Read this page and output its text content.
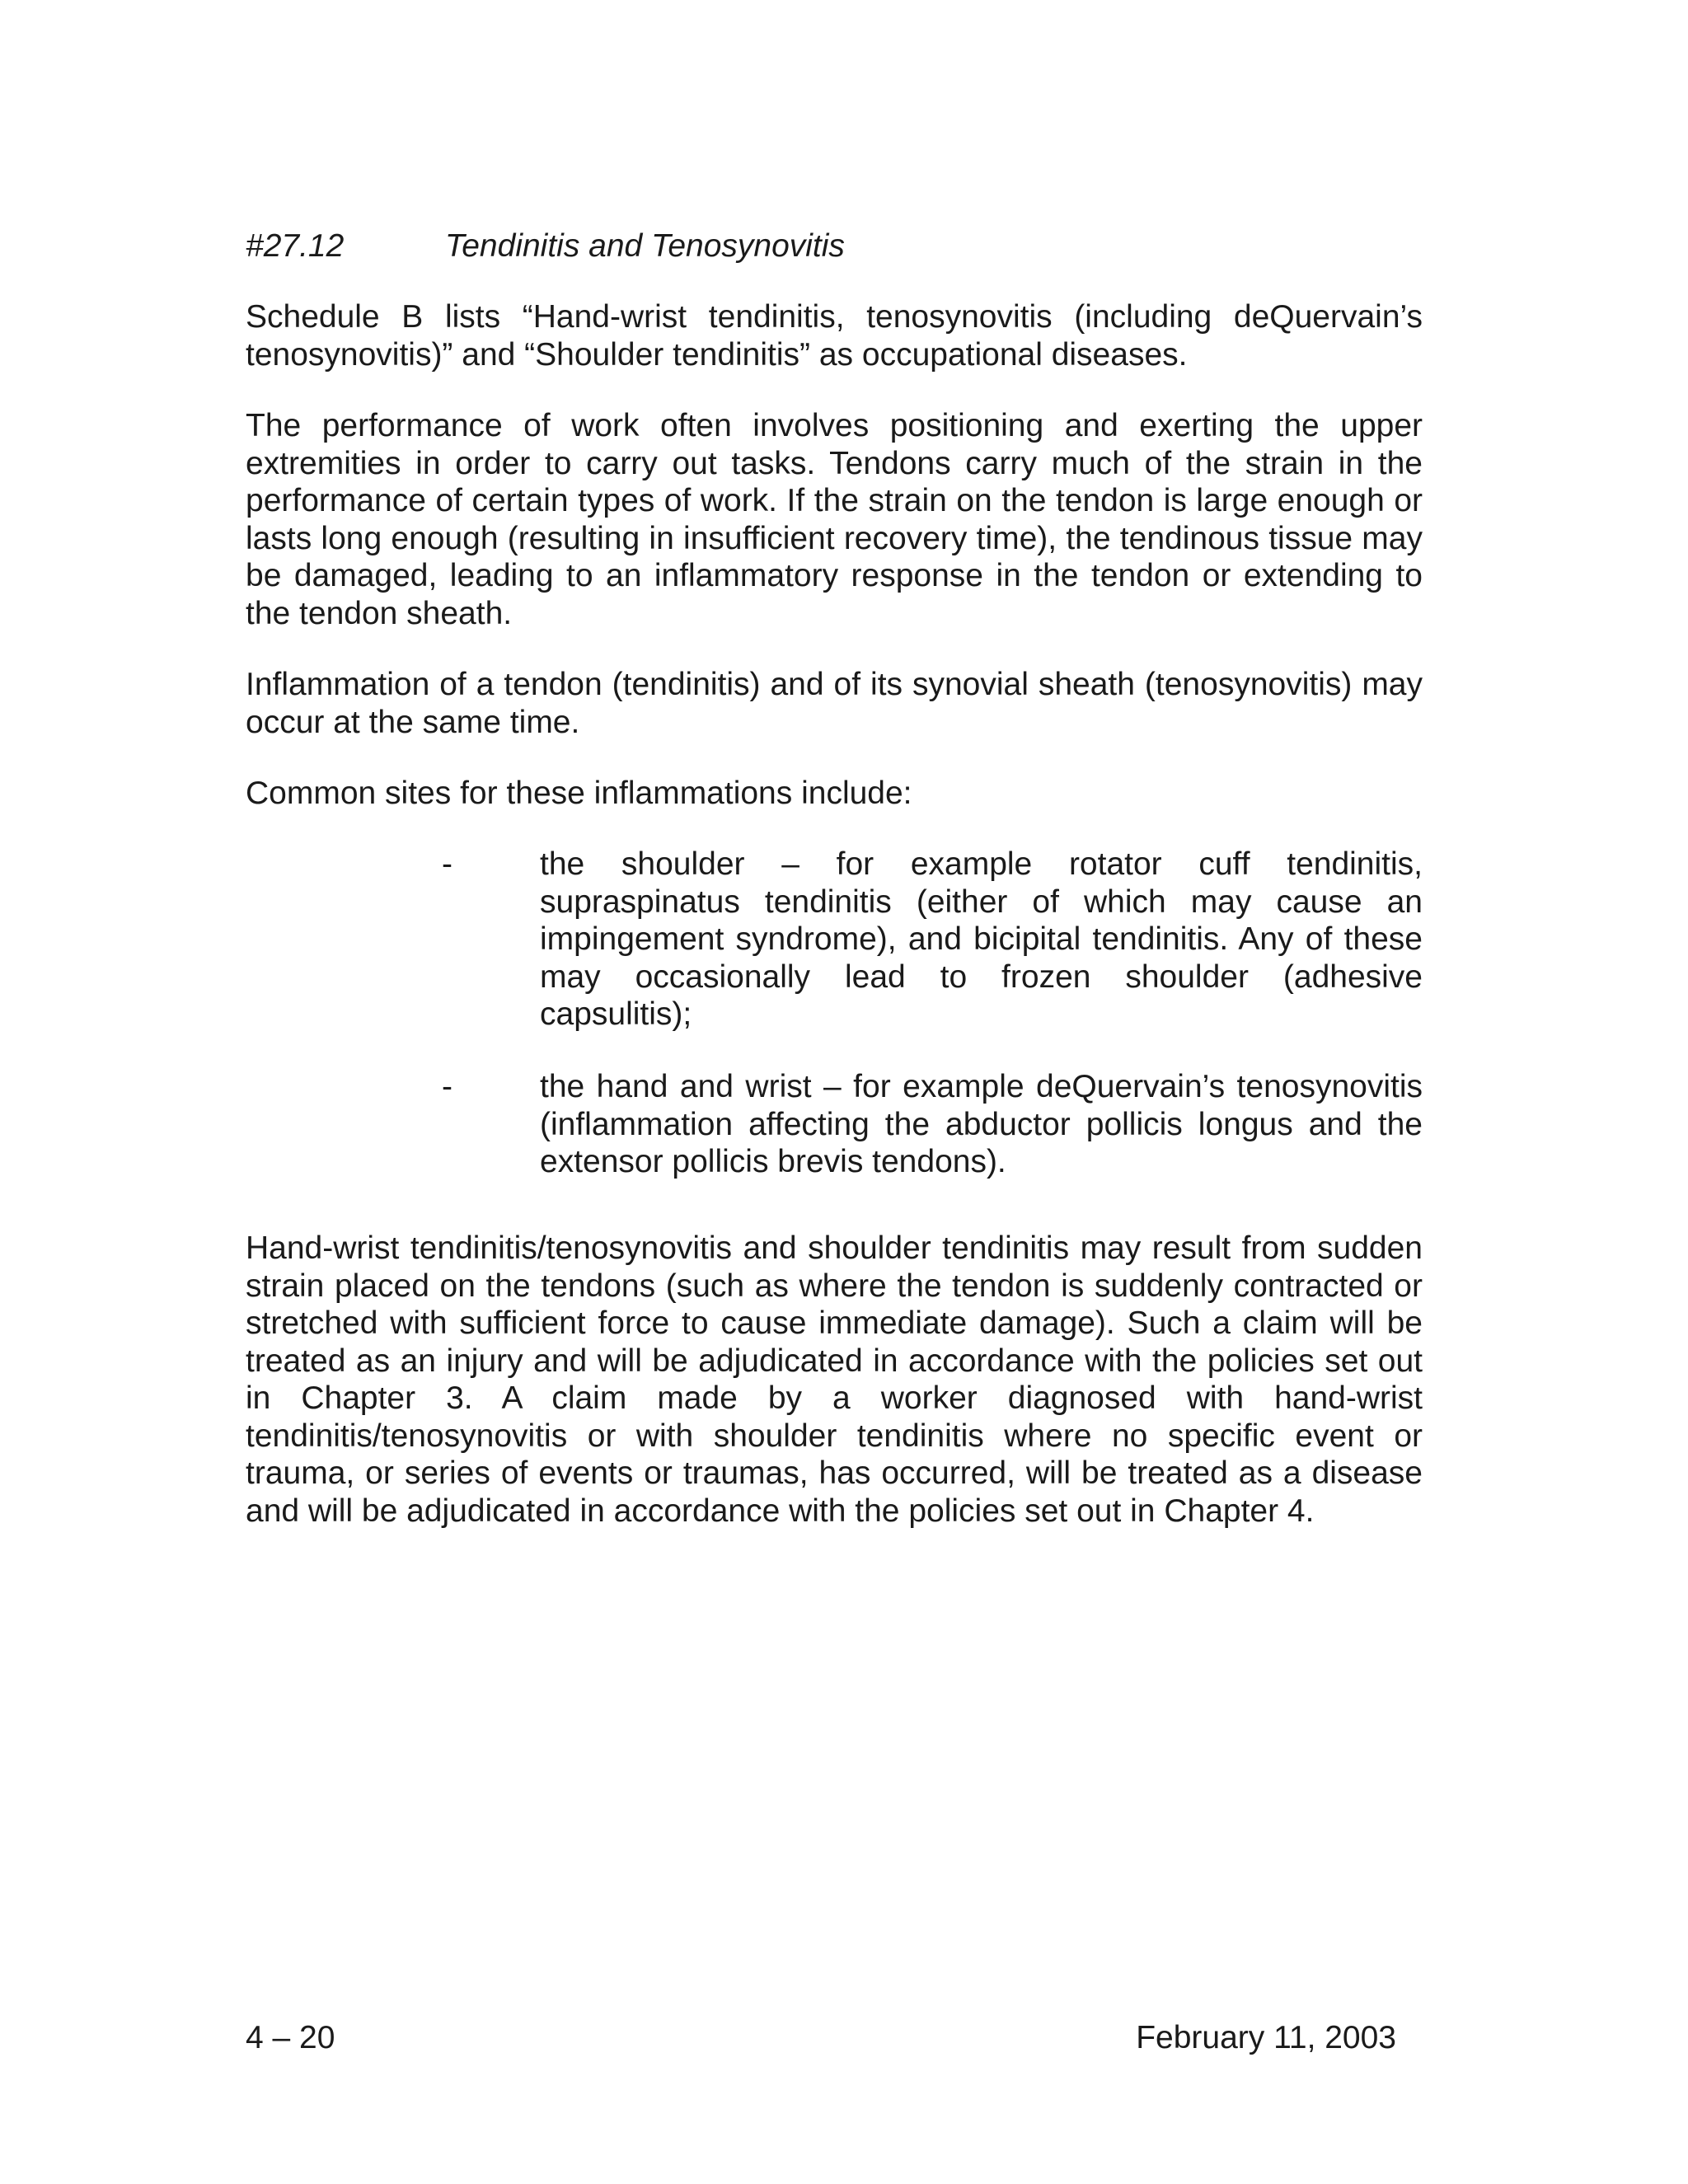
#27.12	Tendinitis and Tenosynovitis

Schedule B lists “Hand-wrist tendinitis, tenosynovitis (including deQuervain’s tenosynovitis)” and “Shoulder tendinitis” as occupational diseases.

The performance of work often involves positioning and exerting the upper extremities in order to carry out tasks. Tendons carry much of the strain in the performance of certain types of work. If the strain on the tendon is large enough or lasts long enough (resulting in insufficient recovery time), the tendinous tissue may be damaged, leading to an inflammatory response in the tendon or extending to the tendon sheath.

Inflammation of a tendon (tendinitis) and of its synovial sheath (tenosynovitis) may occur at the same time.

Common sites for these inflammations include:

-	the shoulder – for example rotator cuff tendinitis, supraspinatus tendinitis (either of which may cause an impingement syndrome), and bicipital tendinitis. Any of these may occasionally lead to frozen shoulder (adhesive capsulitis);
-	the hand and wrist – for example deQuervain’s tenosynovitis (inflammation affecting the abductor pollicis longus and the extensor pollicis brevis tendons).

Hand-wrist tendinitis/tenosynovitis and shoulder tendinitis may result from sudden strain placed on the tendons (such as where the tendon is suddenly contracted or stretched with sufficient force to cause immediate damage). Such a claim will be treated as an injury and will be adjudicated in accordance with the policies set out in Chapter 3. A claim made by a worker diagnosed with hand-wrist tendinitis/tenosynovitis or with shoulder tendinitis where no specific event or trauma, or series of events or traumas, has occurred, will be treated as a disease and will be adjudicated in accordance with the policies set out in Chapter 4.

4 – 20	February 11, 2003
